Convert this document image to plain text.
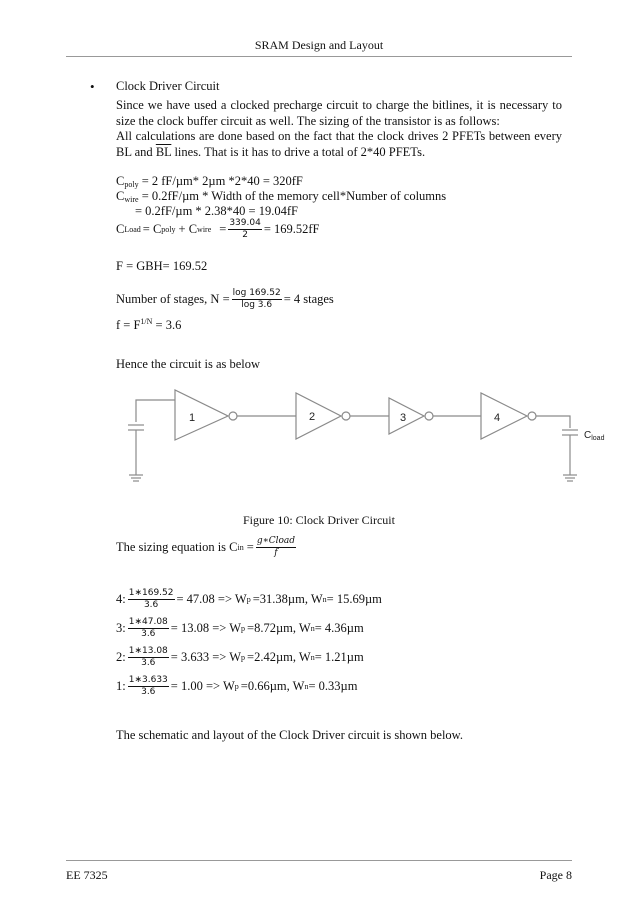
SRAM Design and Layout
• Clock Driver Circuit
Since we have used a clocked precharge circuit to charge the bitlines, it is necessary to size the clock buffer circuit as well. The sizing of the transistor is as follows:
All calculations are done based on the fact that the clock drives 2 PFETs between every BL and $\overline{BL}$ lines. That is it has to drive a total of 2*40 PFETs.
$C_{poly} = 2$ fF/µm* 2µm *2*40 = 320fF
$C_{wire} = 0.2fF/\mu m$ * Width of the memory cell*Number of columns
= 0.2fF/µm * 2.38*40 = 19.04fF
C Load = C poly + C wire = $\frac{339.04}{2} = 169.52fF$
F = GBH= 169.52
Number of stages, $N = \frac{\log 169.52}{\log 3.6} = 4$ stages
$f = F^{1/N} = 3.6$
Hence the circuit is as below
1	2	3	4
$C_{load}$
Figure 10: Clock Driver Circuit
The sizing equation is C in = $\frac{\text{g∗Cload}}{f}$
4: $\frac{1∗169.52}{3.6} = 47.08 => W$ p =31.38µm, W n = 15.69µm
3: $\frac{1∗47.08}{3.6} = 13.08 => W$ p =8.72µm, W n = 4.36µm
2: $\frac{1∗13.08}{3.6} = 3.633 => W$ p =2.42µm, W n = 1.21µm
1: $\frac{1∗3.633}{3.6} = 1.00 => W$ p =0.66µm, W n = 0.33µm
The schematic and layout of the Clock Driver circuit is shown below.
EE 7325	Page 8
